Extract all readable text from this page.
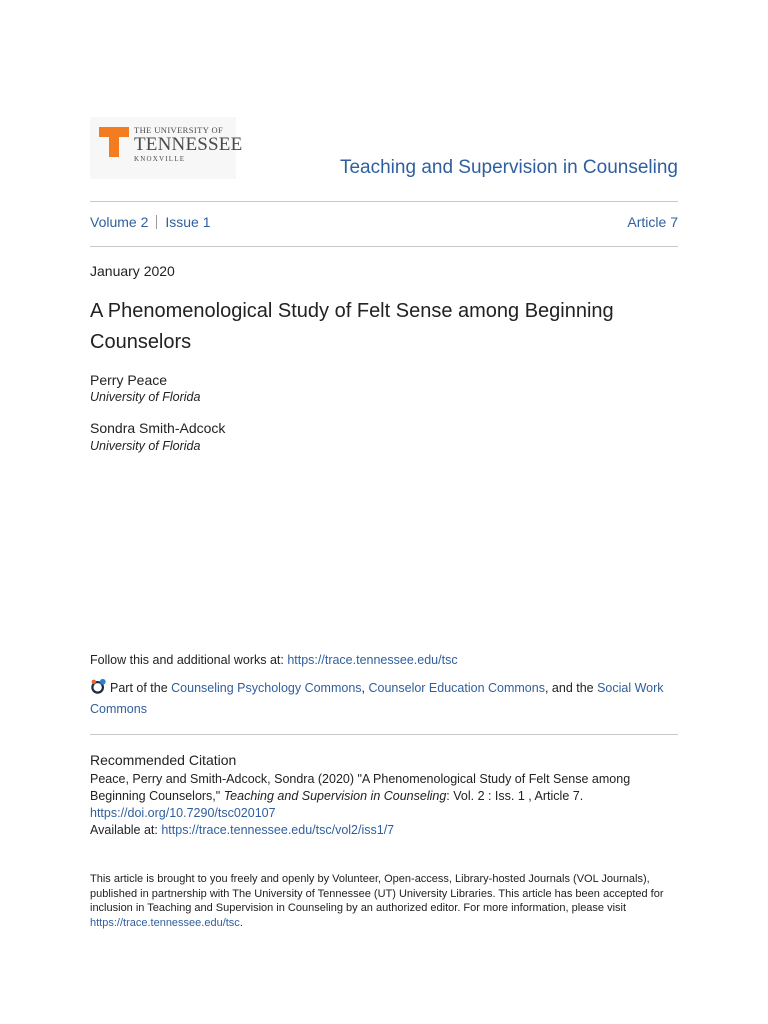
THE UNIVERSITY OF
TENNESSEE
KNOXVILLE	Teaching and Supervision in Counseling
Volume 2 Issue 1	Article 7
January 2020
A Phenomenological Study of Felt Sense among Beginning Counselors
Perry Peace
University of Florida
Sondra Smith-Adcock
University of Florida
Follow this and additional works at: https://trace.tennessee.edu/tsc
Part of the Counseling Psychology Commons, Counselor Education Commons, and the Social Work Commons
Recommended Citation
Peace, Perry and Smith-Adcock, Sondra (2020) "A Phenomenological Study of Felt Sense among
Beginning Counselors," Teaching and Supervision in Counseling: Vol. 2 : Iss. 1 , Article 7.
https://doi.org/10.7290/tsc020107
Available at: https://trace.tennessee.edu/tsc/vol2/iss1/7
This article is brought to you freely and openly by Volunteer, Open-access, Library-hosted Journals (VOL Journals), published in partnership with The University of Tennessee (UT) University Libraries. This article has been accepted for inclusion in Teaching and Supervision in Counseling by an authorized editor. For more information, please visit https://trace.tennessee.edu/tsc.
